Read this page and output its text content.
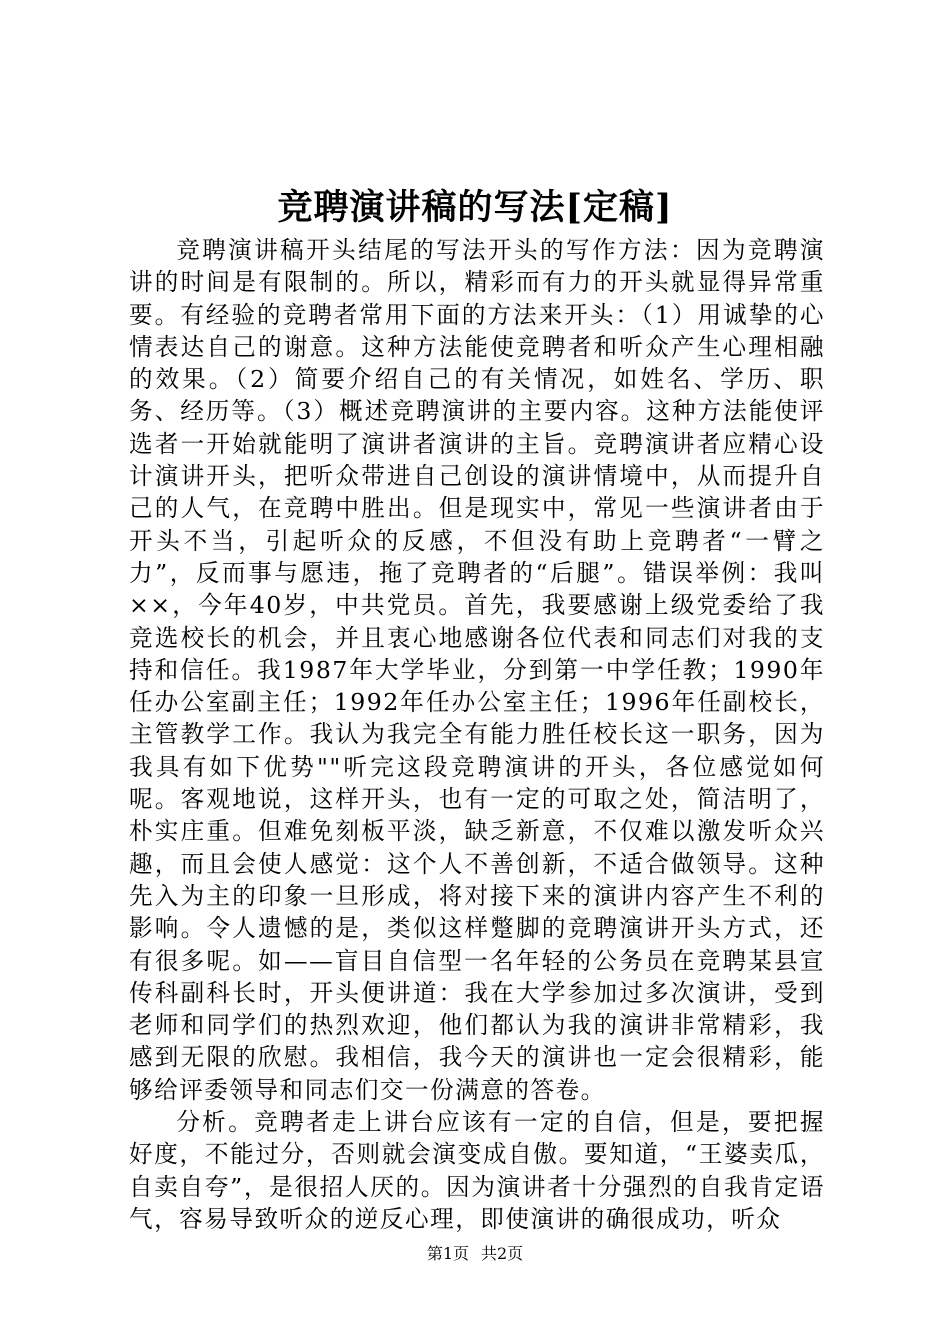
竞聘演讲稿的写法[定稿]

竞聘演讲稿开头结尾的写法开头的写作方法：因为竞聘演讲的时间是有限制的。所以，精彩而有力的开头就显得异常重要。有经验的竞聘者常用下面的方法来开头：（1）用诚挚的心情表达自己的谢意。这种方法能使竞聘者和听众产生心理相融的效果。（2）简要介绍自己的有关情况，如姓名、学历、职务、经历等。（3）概述竞聘演讲的主要内容。这种方法能使评选者一开始就能明了演讲者演讲的主旨。竞聘演讲者应精心设计演讲开头，把听众带进自己创设的演讲情境中，从而提升自己的人气，在竞聘中胜出。但是现实中，常见一些演讲者由于开头不当，引起听众的反感，不但没有助上竞聘者“一臂之力”，反而事与愿违，拖了竞聘者的“后腿”。错误举例：我叫××，今年40岁，中共党员。首先，我要感谢上级党委给了我竞选校长的机会，并且衷心地感谢各位代表和同志们对我的支持和信任。我1987年大学毕业，分到第一中学任教；1990年任办公室副主任；1992年任办公室主任；1996年任副校长，主管教学工作。我认为我完全有能力胜任校长这一职务，因为我具有如下优势""听完这段竞聘演讲的开头，各位感觉如何呢。客观地说，这样开头，也有一定的可取之处，简洁明了，朴实庄重。但难免刻板平淡，缺乏新意，不仅难以激发听众兴趣，而且会使人感觉：这个人不善创新，不适合做领导。这种先入为主的印象一旦形成，将对接下来的演讲内容产生不利的影响。令人遗憾的是，类似这样蹩脚的竞聘演讲开头方式，还有很多呢。如——盲目自信型一名年轻的公务员在竞聘某县宣传科副科长时，开头便讲道：我在大学参加过多次演讲，受到老师和同学们的热烈欢迎，他们都认为我的演讲非常精彩，我感到无限的欣慰。我相信，我今天的演讲也一定会很精彩，能够给评委领导和同志们交一份满意的答卷。

分析。竞聘者走上讲台应该有一定的自信，但是，要把握好度，不能过分，否则就会演变成自傲。要知道，“王婆卖瓜，自卖自夸”，是很招人厌的。因为演讲者十分强烈的自我肯定语气，容易导致听众的逆反心理，即使演讲的确很成功，听众

第1页 共2页
